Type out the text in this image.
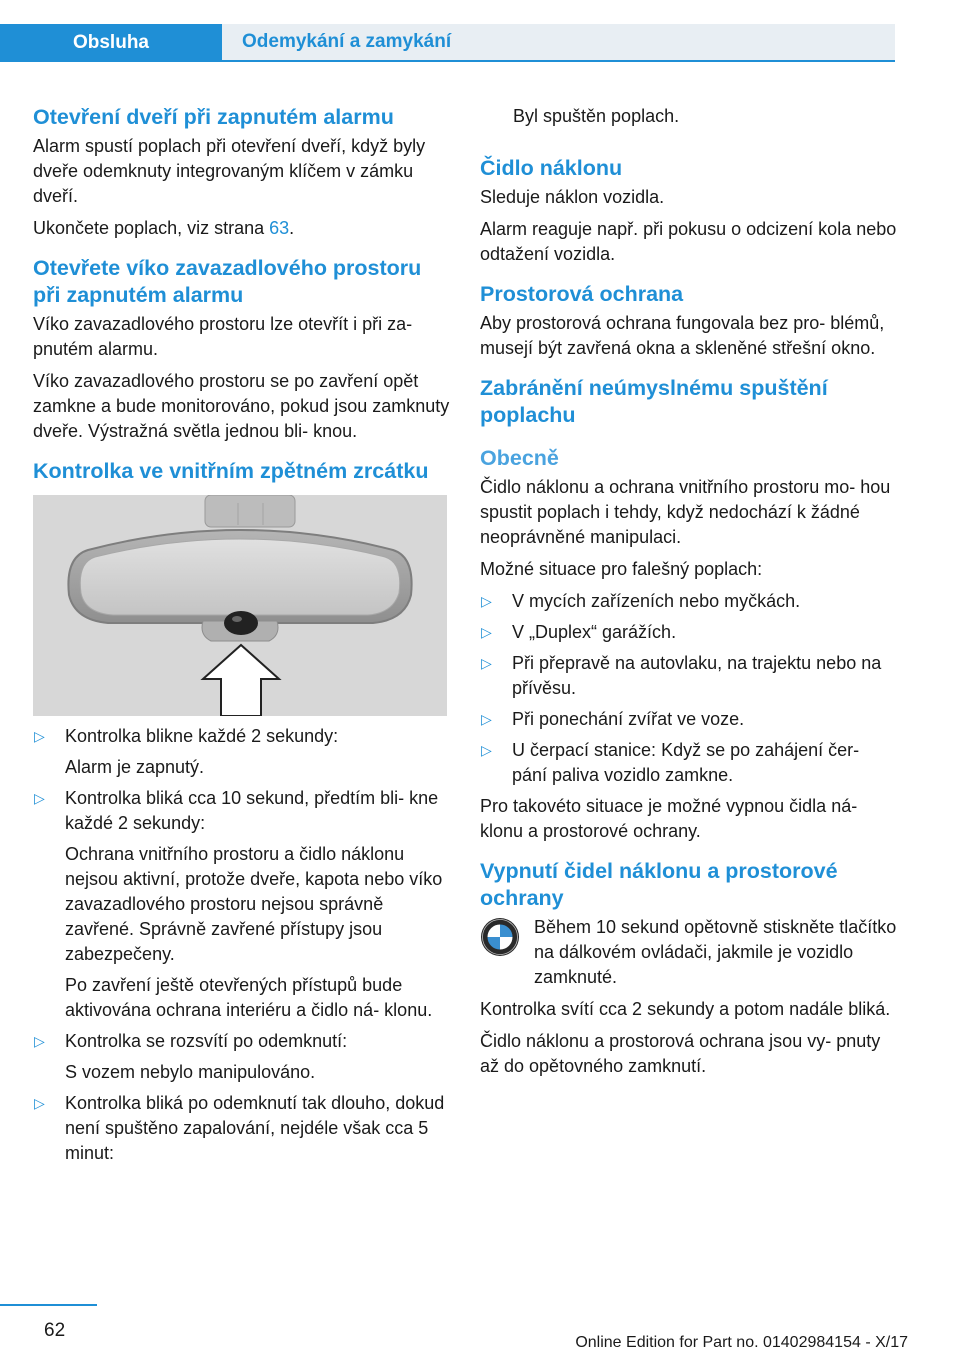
Obsluha	Odemykání a zamykání
Otevření dveří při zapnutém alarmu

Alarm spustí poplach při otevření dveří, když byly dveře odemknuty integrovaným klíčem v zámku dveří.

Ukončete poplach, viz strana 63.

Otevřete víko zavazadlového prostoru při zapnutém alarmu

Víko zavazadlového prostoru lze otevřít i při za‐ pnutém alarmu.

Víko zavazadlového prostoru se po zavření opět zamkne a bude monitorováno, pokud jsou zamknuty dveře. Výstražná světla jednou bli‐ knou.

Kontrolka ve vnitřním zpětném zrcátku
▷ Kontrolka blikne každé 2 sekundy:
Alarm je zapnutý.
▷ Kontrolka bliká cca 10 sekund, předtím bli‐ kne každé 2 sekundy:
Ochrana vnitřního prostoru a čidlo náklonu nejsou aktivní, protože dveře, kapota nebo víko zavazadlového prostoru nejsou správně zavřené. Správně zavřené přístupy jsou zabezpečeny.
Po zavření ještě otevřených přístupů bude aktivována ochrana interiéru a čidlo ná‐ klonu.
▷ Kontrolka se rozsvítí po odemknutí:
S vozem nebylo manipulováno.
▷ Kontrolka bliká po odemknutí tak dlouho, dokud není spuštěno zapalování, nejdéle však cca 5 minut:

Byl spuštěn poplach.

Čidlo náklonu

Sleduje náklon vozidla.

Alarm reaguje např. při pokusu o odcizení kola nebo odtažení vozidla.

Prostorová ochrana

Aby prostorová ochrana fungovala bez pro‐ blémů, musejí být zavřená okna a skleněné střešní okno.

Zabránění neúmyslnému spuštění poplachu
Obecně

Čidlo náklonu a ochrana vnitřního prostoru mo‐ hou spustit poplach i tehdy, když nedochází k žádné neoprávněné manipulaci.

Možné situace pro falešný poplach:

▷ V mycích zařízeních nebo myčkách.
▷ V „Duplex“ garážích.
▷ Při přepravě na autovlaku, na trajektu nebo na přívěsu.
▷ Při ponechání zvířat ve voze.
▷ U čerpací stanice: Když se po zahájení čer‐ pání paliva vozidlo zamkne.

Pro takovéto situace je možné vypnou čidla ná‐ klonu a prostorové ochrany.

Vypnutí čidel náklonu a prostorové ochrany

Během 10 sekund opětovně stiskněte tlačítko na dálkovém ovládači, jakmile je vozidlo zamknuté.

Kontrolka svítí cca 2 sekundy a potom nadále bliká.

Čidlo náklonu a prostorová ochrana jsou vy‐ pnuty až do opětovného zamknutí.

62
Online Edition for Part no. 01402984154 - X/17
